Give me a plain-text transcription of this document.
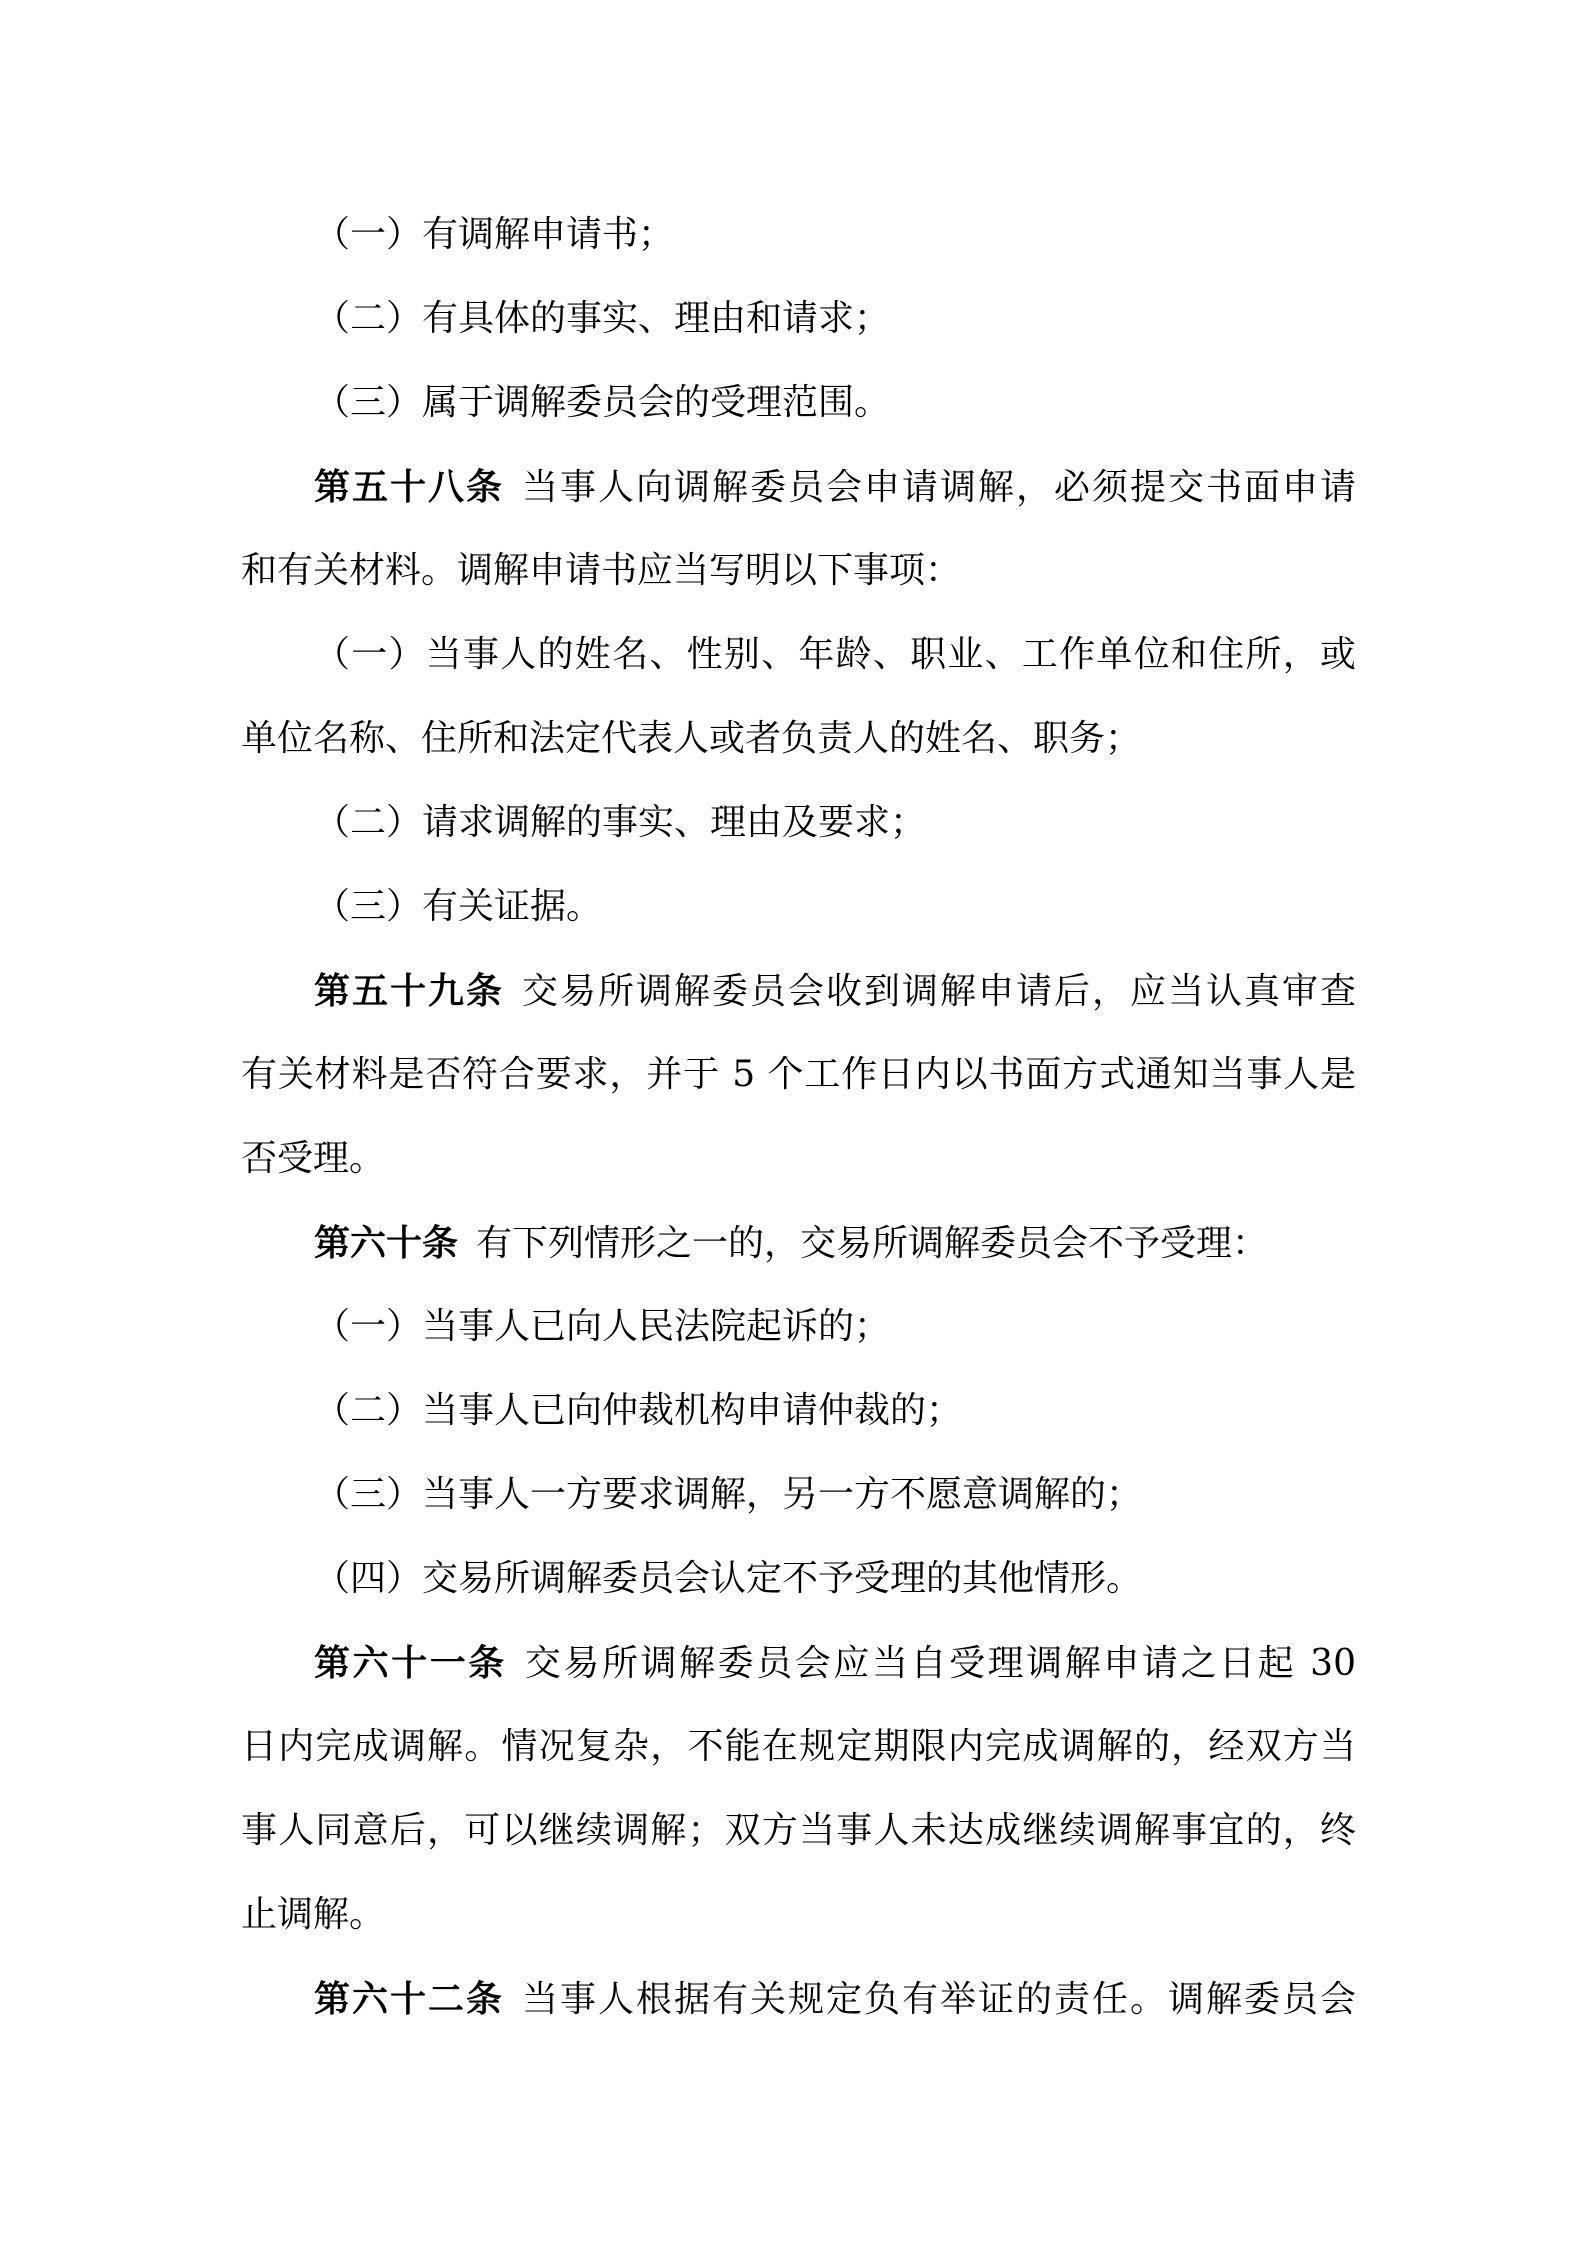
（一）有调解申请书；
（二）有具体的事实、理由和请求；
（三）属于调解委员会的受理范围。
第五十八条 当事人向调解委员会申请调解，必须提交书面申请
和有关材料。调解申请书应当写明以下事项：
（一）当事人的姓名、性别、年龄、职业、工作单位和住所，或
单位名称、住所和法定代表人或者负责人的姓名、职务；
（二）请求调解的事实、理由及要求；
（三）有关证据。
第五十九条 交易所调解委员会收到调解申请后，应当认真审查
有关材料是否符合要求，并于 5 个工作日内以书面方式通知当事人是
否受理。
第六十条 有下列情形之一的，交易所调解委员会不予受理：
（一）当事人已向人民法院起诉的；
（二）当事人已向仲裁机构申请仲裁的；
（三）当事人一方要求调解，另一方不愿意调解的；
（四）交易所调解委员会认定不予受理的其他情形。
第六十一条 交易所调解委员会应当自受理调解申请之日起 30
日内完成调解。情况复杂，不能在规定期限内完成调解的，经双方当
事人同意后，可以继续调解；双方当事人未达成继续调解事宜的，终
止调解。
第六十二条 当事人根据有关规定负有举证的责任。调解委员会
